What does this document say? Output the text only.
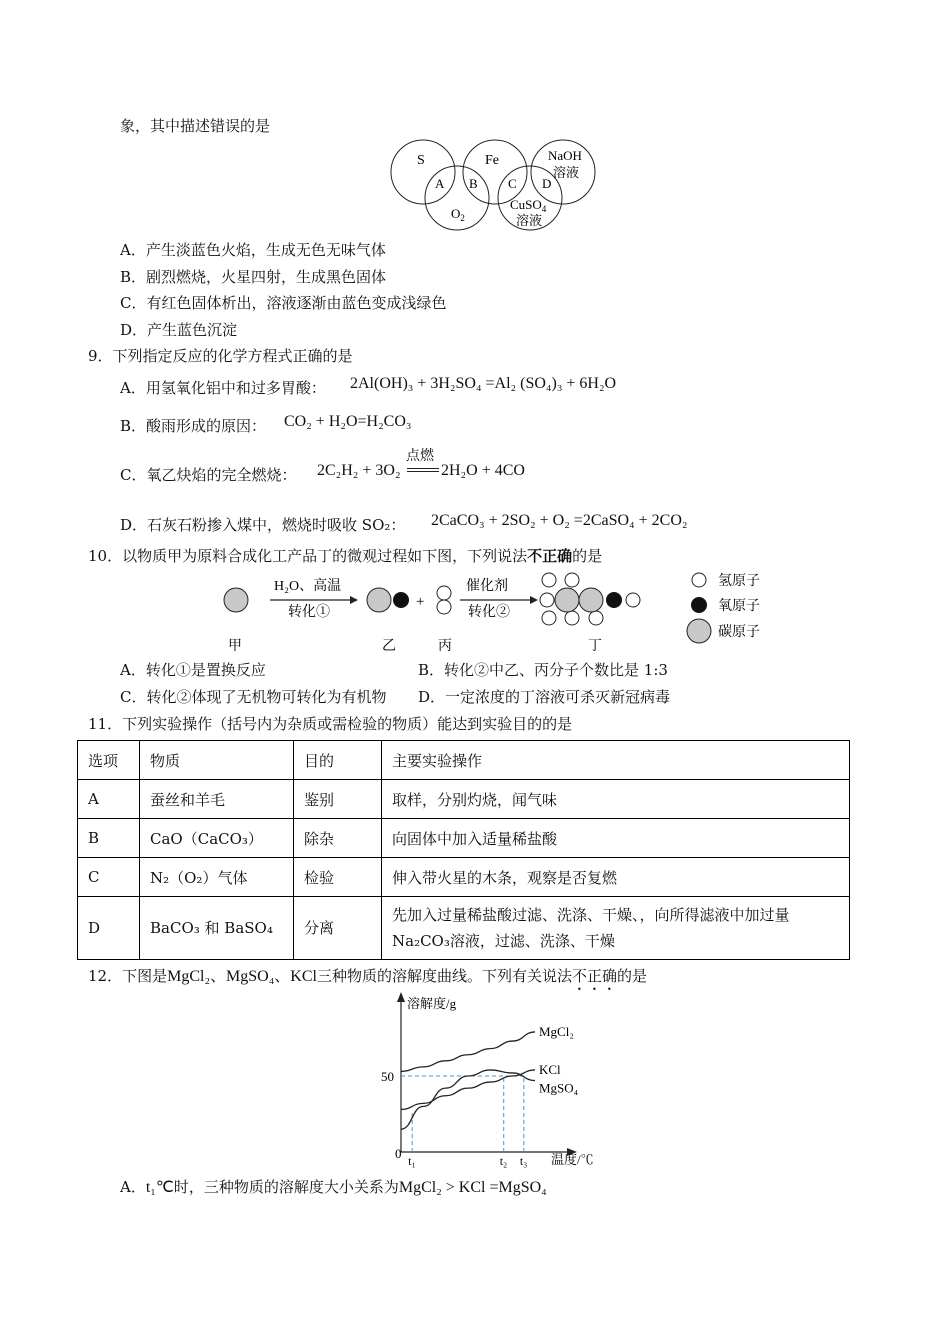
象，其中描述错误的是
S	Fe	NaOH
溶液
$O_2$
CuSO$_4$
溶液
A B C D
A．产生淡蓝色火焰，生成无色无味气体
B．剧烈燃烧，火星四射，生成黑色固体
C．有红色固体析出，溶液逐渐由蓝色变成浅绿色
D．产生蓝色沉淀
9．下列指定反应的化学方程式正确的是
A．用氢氧化铝中和过多胃酸： 2Al(OH)₃ + 3H₂SO₄ =Al₂ (SO₄)₃ + 6H₂O
B．酸雨形成的原因： CO₂ + H₂O=H₂CO₃
C．氧乙炔焰的完全燃烧： 2C₂H₂ + 3O₂
点燃
2H₂O + 4CO
D．石灰石粉掺入煤中，燃烧时吸收 SO₂： 2CaCO₃ + 2SO₂ + O₂ =2CaSO₄ + 2CO₂
10．以物质甲为原料合成化工产品丁的微观过程如下图，下列说法不正确的是
H₂O、高温
转化①
+
催化剂
转化②
甲	乙	丙	丁
氢原子
氧原子
碳原子
A．转化①是置换反应	B．转化②中乙、丙分子个数比是 1:3
C．转化②体现了无机物可转化为有机物 D．一定浓度的丁溶液可杀灭新冠病毒
11．下列实验操作（括号内为杂质或需检验的物质）能达到实验目的的是
选项	物质	目的	主要实验操作
A	蚕丝和羊毛	鉴别	取样，分别灼烧，闻气味
B	CaO（CaCO₃）	除杂	向固体中加入适量稀盐酸
C	N₂（O₂）气体	检验	伸入带火星的木条，观察是否复燃
D	BaCO₃ 和 BaSO₄	分离	先加入过量稀盐酸过滤、洗涤、干燥、，向所得滤液中加过量 Na₂CO₃溶液，过滤、洗涤、干燥
12．下图是MgCl₂、MgSO₄、KCl三种物质的溶解度曲线。下列有关说法不正确的是
溶解度/g
温度/℃
0
50
t₁	t₂ t₃
MgCl₂
KCl
MgSO₄
A．t₁℃时，三种物质的溶解度大小关系为MgCl₂ > KCl =MgSO₄
